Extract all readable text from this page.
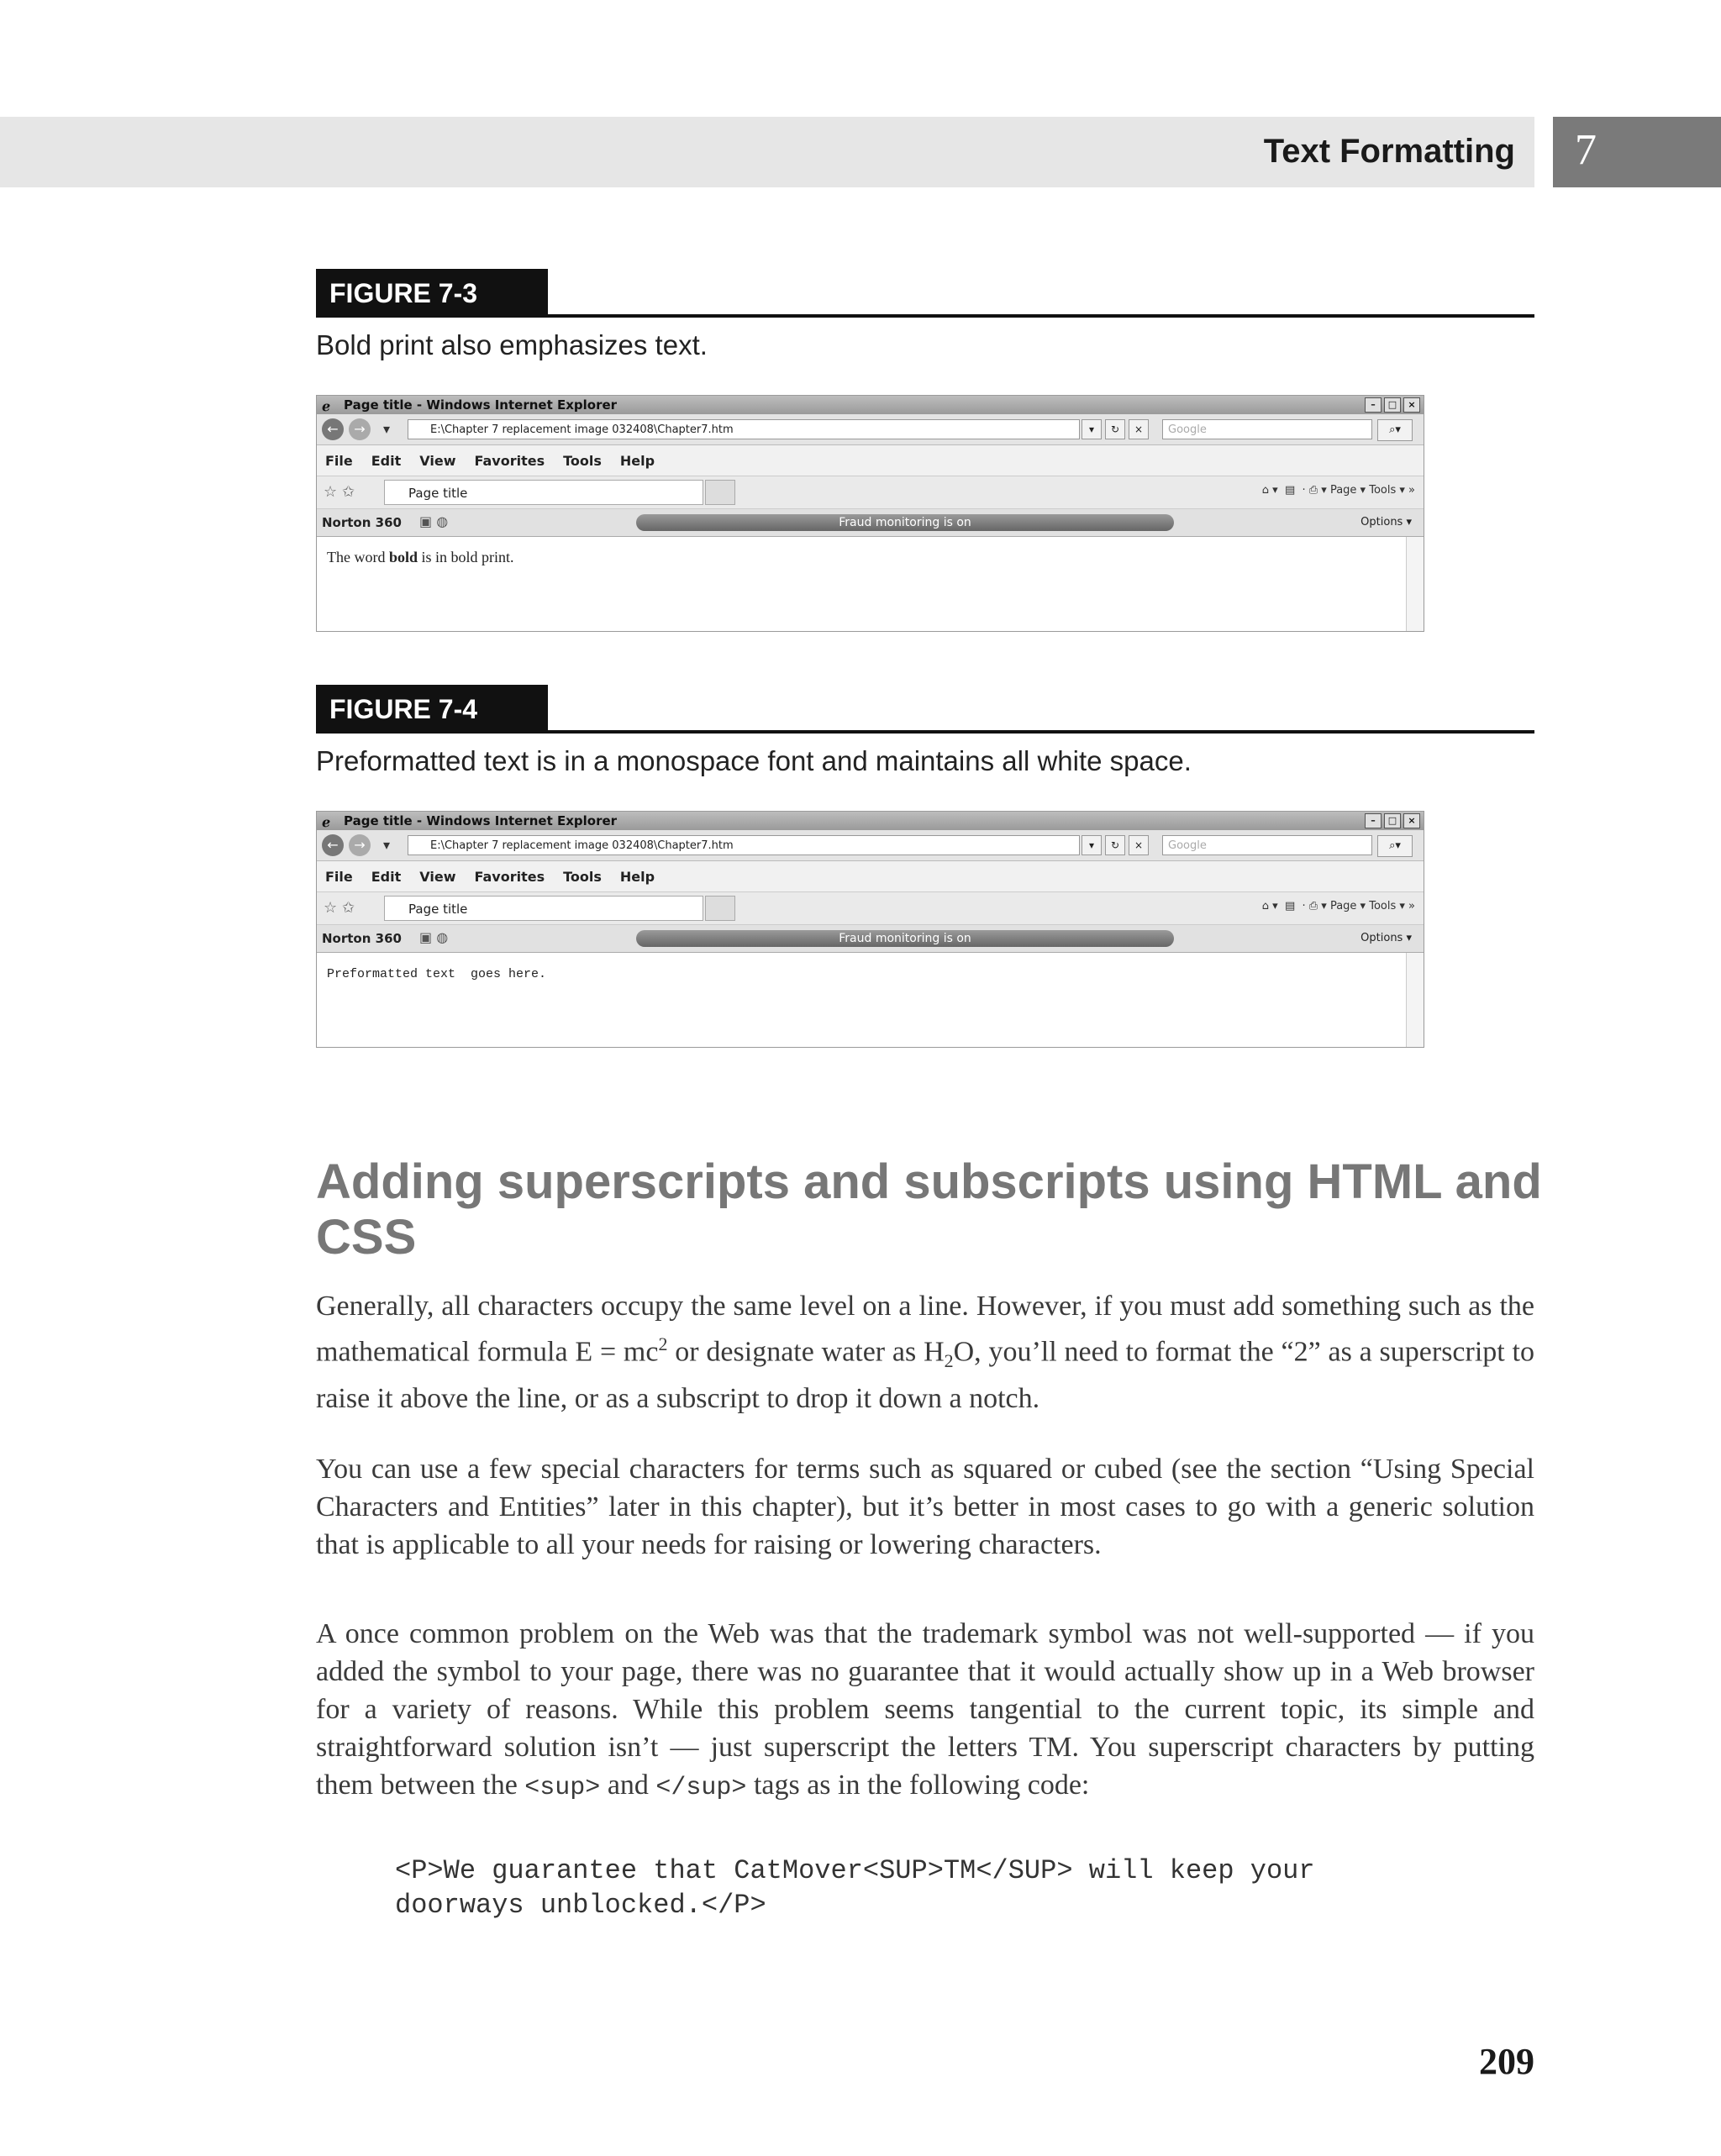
Text Formatting 7
FIGURE 7-3
Bold print also emphasizes text.
ℯ Page title - Windows Internet Explorer	–	□	×
←	→	▾	E:\Chapter 7 replacement image 032408\Chapter7.htm	▾	↻	×	Google	⌕▾
File Edit View Favorites Tools Help
☆ ✩	Page title	⌂ ▾  ▤  · ⎙ ▾ Page ▾ Tools ▾ »
Norton 360 ▣ ◍	Fraud monitoring is on	Options ▾
The word bold is in bold print.
FIGURE 7-4
Preformatted text is in a monospace font and maintains all white space.
ℯ Page title - Windows Internet Explorer	–	□	×
←	→	▾	E:\Chapter 7 replacement image 032408\Chapter7.htm	▾	↻	×	Google	⌕▾
File Edit View Favorites Tools Help
☆ ✩	Page title	⌂ ▾  ▤  · ⎙ ▾ Page ▾ Tools ▾ »
Norton 360 ▣ ◍	Fraud monitoring is on	Options ▾
Preformatted text  goes here.
Adding superscripts and subscripts using HTML and CSS
Generally, all characters occupy the same level on a line. However, if you must add something such as the mathematical formula $E = mc^2$ or designate water as $H_2O$, you’ll need to format the “2” as a superscript to raise it above the line, or as a subscript to drop it down a notch.
You can use a few special characters for terms such as squared or cubed (see the section “Using Special Characters and Entities” later in this chapter), but it’s better in most cases to go with a generic solution that is applicable to all your needs for raising or lowering characters.
A once common problem on the Web was that the trademark symbol was not well-supported — if you added the symbol to your page, there was no guarantee that it would actually show up in a Web browser for a variety of reasons. While this problem seems tangential to the current topic, its simple and straightforward solution isn’t — just superscript the letters TM. You superscript characters by putting them between the <sup> and </sup> tags as in the following code:
<P>We guarantee that CatMover<SUP>TM</SUP> will keep your
doorways unblocked.</P>
209
